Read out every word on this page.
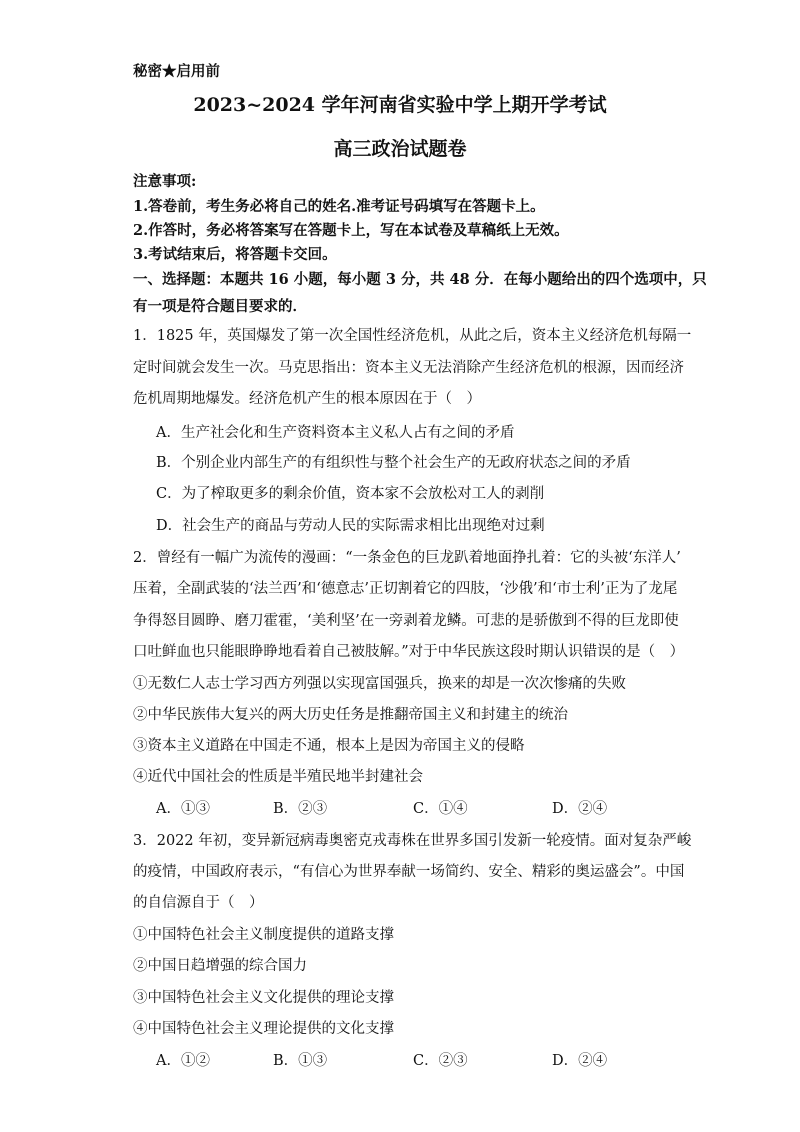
秘密★启用前
2023~2024 学年河南省实验中学上期开学考试
高三政治试题卷
注意事项:
1.答卷前，考生务必将自己的姓名.准考证号码填写在答题卡上。
2.作答时，务必将答案写在答题卡上，写在本试卷及草稿纸上无效。
3.考试结束后，将答题卡交回。
一、选择题：本题共 16 小题，每小题 3 分，共 48 分．在每小题给出的四个选项中，只
有一项是符合题目要求的．
1．1825 年，英国爆发了第一次全国性经济危机，从此之后，资本主义经济危机每隔一
定时间就会发生一次。马克思指出：资本主义无法消除产生经济危机的根源，因而经济
危机周期地爆发。经济危机产生的根本原因在于（　）
A．生产社会化和生产资料资本主义私人占有之间的矛盾
B．个别企业内部生产的有组织性与整个社会生产的无政府状态之间的矛盾
C．为了榨取更多的剩余价值，资本家不会放松对工人的剥削
D．社会生产的商品与劳动人民的实际需求相比出现绝对过剩
2．曾经有一幅广为流传的漫画：“一条金色的巨龙趴着地面挣扎着：它的头被‘东洋人’
压着，全副武装的‘法兰西’和‘德意志’正切割着它的四肢，‘沙俄’和‘市士利’正为了龙尾
争得怒目圆睁、磨刀霍霍，‘美利坚’在一旁剥着龙鳞。可悲的是骄傲到不得的巨龙即使
口吐鲜血也只能眼睁睁地看着自己被肢解。”对于中华民族这段时期认识错误的是（　）
①无数仁人志士学习西方列强以实现富国强兵，换来的却是一次次惨痛的失败
②中华民族伟大复兴的两大历史任务是推翻帝国主义和封建主的统治
③资本主义道路在中国走不通，根本上是因为帝国主义的侵略
④近代中国社会的性质是半殖民地半封建社会
A．①③	B．②③	C．①④	D．②④
3．2022 年初，变异新冠病毒奥密克戎毒株在世界多国引发新一轮疫情。面对复杂严峻
的疫情，中国政府表示，“有信心为世界奉献一场简约、安全、精彩的奥运盛会”。中国
的自信源自于（　）
①中国特色社会主义制度提供的道路支撑
②中国日趋增强的综合国力
③中国特色社会主义文化提供的理论支撑
④中国特色社会主义理论提供的文化支撑
A．①②	B．①③	C．②③	D．②④
